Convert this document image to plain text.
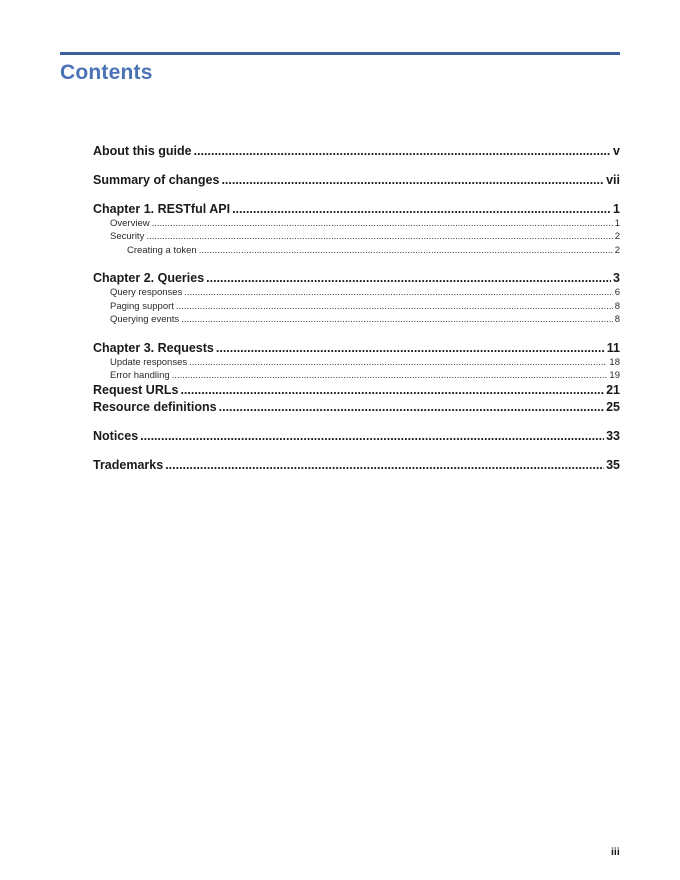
Contents
About this guide .....	v
Summary of changes .....	vii
Chapter 1. RESTful API .....	1
Overview .....	1
Security .....	2
Creating a token .....	2
Chapter 2. Queries .....	3
Query responses .....	6
Paging support .....	8
Querying events .....	8
Chapter 3. Requests .....	11
Update responses .....	18
Error handling .....	19
Request URLs .....	21
Resource definitions .....	25
Notices .....	33
Trademarks .....	35
iii
